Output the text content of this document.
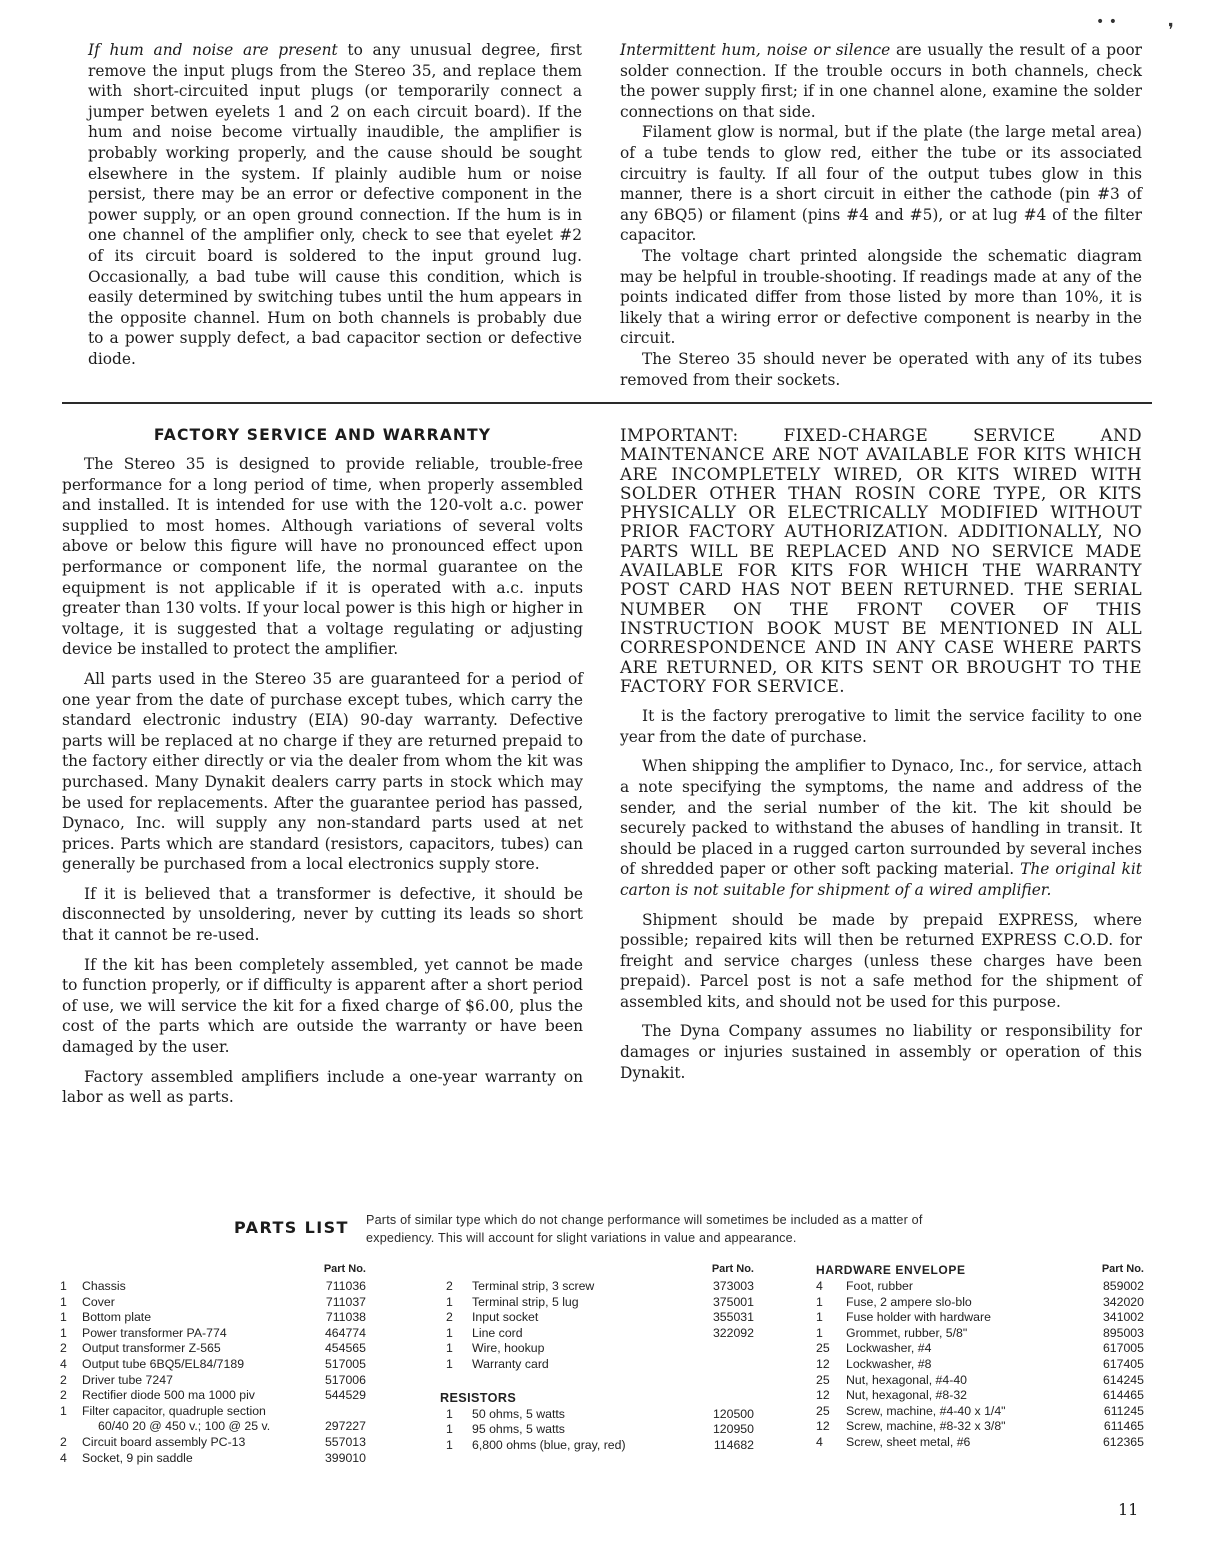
• •	❜

If hum and noise are present to any unusual degree, first remove the input plugs from the Stereo 35, and replace them with short-circuited input plugs (or temporarily connect a jumper betwen eyelets 1 and 2 on each circuit board). If the hum and noise become virtually inaudible, the amplifier is probably working properly, and the cause should be sought elsewhere in the system. If plainly audible hum or noise persist, there may be an error or defective component in the power supply, or an open ground connection. If the hum is in one channel of the amplifier only, check to see that eyelet #2 of its circuit board is soldered to the input ground lug. Occasionally, a bad tube will cause this condition, which is easily determined by switching tubes until the hum appears in the opposite channel. Hum on both channels is probably due to a power supply defect, a bad capacitor section or defective diode.

Intermittent hum, noise or silence are usually the result of a poor solder connection. If the trouble occurs in both channels, check the power supply first; if in one channel alone, examine the solder connections on that side.

Filament glow is normal, but if the plate (the large metal area) of a tube tends to glow red, either the tube or its associated circuitry is faulty. If all four of the output tubes glow in this manner, there is a short circuit in either the cathode (pin #3 of any 6BQ5) or filament (pins #4 and #5), or at lug #4 of the filter capacitor.

The voltage chart printed alongside the schematic diagram may be helpful in trouble-shooting. If readings made at any of the points indicated differ from those listed by more than 10%, it is likely that a wiring error or defective component is nearby in the circuit.

The Stereo 35 should never be operated with any of its tubes removed from their sockets.

FACTORY SERVICE AND WARRANTY

The Stereo 35 is designed to provide reliable, trouble-free performance for a long period of time, when properly assembled and installed. It is intended for use with the 120-volt a.c. power supplied to most homes. Although variations of several volts above or below this figure will have no pronounced effect upon performance or component life, the normal guarantee on the equipment is not applicable if it is operated with a.c. inputs greater than 130 volts. If your local power is this high or higher in voltage, it is suggested that a voltage regulating or adjusting device be installed to protect the amplifier.

All parts used in the Stereo 35 are guaranteed for a period of one year from the date of purchase except tubes, which carry the standard electronic industry (EIA) 90-day warranty. Defective parts will be replaced at no charge if they are returned prepaid to the factory either directly or via the dealer from whom the kit was purchased. Many Dynakit dealers carry parts in stock which may be used for replacements. After the guarantee period has passed, Dynaco, Inc. will supply any non-standard parts used at net prices. Parts which are standard (resistors, capacitors, tubes) can generally be purchased from a local electronics supply store.

If it is believed that a transformer is defective, it should be disconnected by unsoldering, never by cutting its leads so short that it cannot be re-used.

If the kit has been completely assembled, yet cannot be made to function properly, or if difficulty is apparent after a short period of use, we will service the kit for a fixed charge of $6.00, plus the cost of the parts which are outside the warranty or have been damaged by the user.

Factory assembled amplifiers include a one-year warranty on labor as well as parts.

IMPORTANT: FIXED-CHARGE SERVICE AND MAINTENANCE ARE NOT AVAILABLE FOR KITS WHICH ARE INCOMPLETELY WIRED, OR KITS WIRED WITH SOLDER OTHER THAN ROSIN CORE TYPE, OR KITS PHYSICALLY OR ELECTRICALLY MODIFIED WITHOUT PRIOR FACTORY AUTHORIZATION. ADDITIONALLY, NO PARTS WILL BE REPLACED AND NO SERVICE MADE AVAILABLE FOR KITS FOR WHICH THE WARRANTY POST CARD HAS NOT BEEN RETURNED. THE SERIAL NUMBER ON THE FRONT COVER OF THIS INSTRUCTION BOOK MUST BE MENTIONED IN ALL CORRESPONDENCE AND IN ANY CASE WHERE PARTS ARE RETURNED, OR KITS SENT OR BROUGHT TO THE FACTORY FOR SERVICE.

It is the factory prerogative to limit the service facility to one year from the date of purchase.

When shipping the amplifier to Dynaco, Inc., for service, attach a note specifying the symptoms, the name and address of the sender, and the serial number of the kit. The kit should be securely packed to withstand the abuses of handling in transit. It should be placed in a rugged carton surrounded by several inches of shredded paper or other soft packing material. The original kit carton is not suitable for shipment of a wired amplifier.

Shipment should be made by prepaid EXPRESS, where possible; repaired kits will then be returned EXPRESS C.O.D. for freight and service charges (unless these charges have been prepaid). Parcel post is not a safe method for the shipment of assembled kits, and should not be used for this purpose.

The Dyna Company assumes no liability or responsibility for damages or injuries sustained in assembly or operation of this Dynakit.

PARTS LIST Parts of similar type which do not change performance will sometimes be included as a matter of expediency. This will account for slight variations in value and appearance.
Part No.
1	Chassis	711036
1	Cover	711037
1	Bottom plate	711038
1	Power transformer PA-774	464774
2	Output transformer Z-565	454565
4	Output tube 6BQ5/EL84/7189	517005
2	Driver tube 7247	517006
2	Rectifier diode 500 ma 1000 piv	544529
1	Filter capacitor, quadruple section
60/40 20 @ 450 v.; 100 @ 25 v.	297227
2	Circuit board assembly PC-13	557013
4	Socket, 9 pin saddle	399010
Part No.
2	Terminal strip, 3 screw	373003
1	Terminal strip, 5 lug	375001
2	Input socket	355031
1	Line cord	322092
1	Wire, hookup
1	Warranty card
RESISTORS
1	50 ohms, 5 watts	120500
1	95 ohms, 5 watts	120950
1	6,800 ohms (blue, gray, red)	114682
HARDWARE ENVELOPE	Part No.
4	Foot, rubber	859002
1	Fuse, 2 ampere slo-blo	342020
1	Fuse holder with hardware	341002
1	Grommet, rubber, 5/8"	895003
25	Lockwasher, #4	617005
12	Lockwasher, #8	617405
25	Nut, hexagonal, #4-40	614245
12	Nut, hexagonal, #8-32	614465
25	Screw, machine, #4-40 x 1/4"	611245
12	Screw, machine, #8-32 x 3/8"	611465
4	Screw, sheet metal, #6	612365
11
